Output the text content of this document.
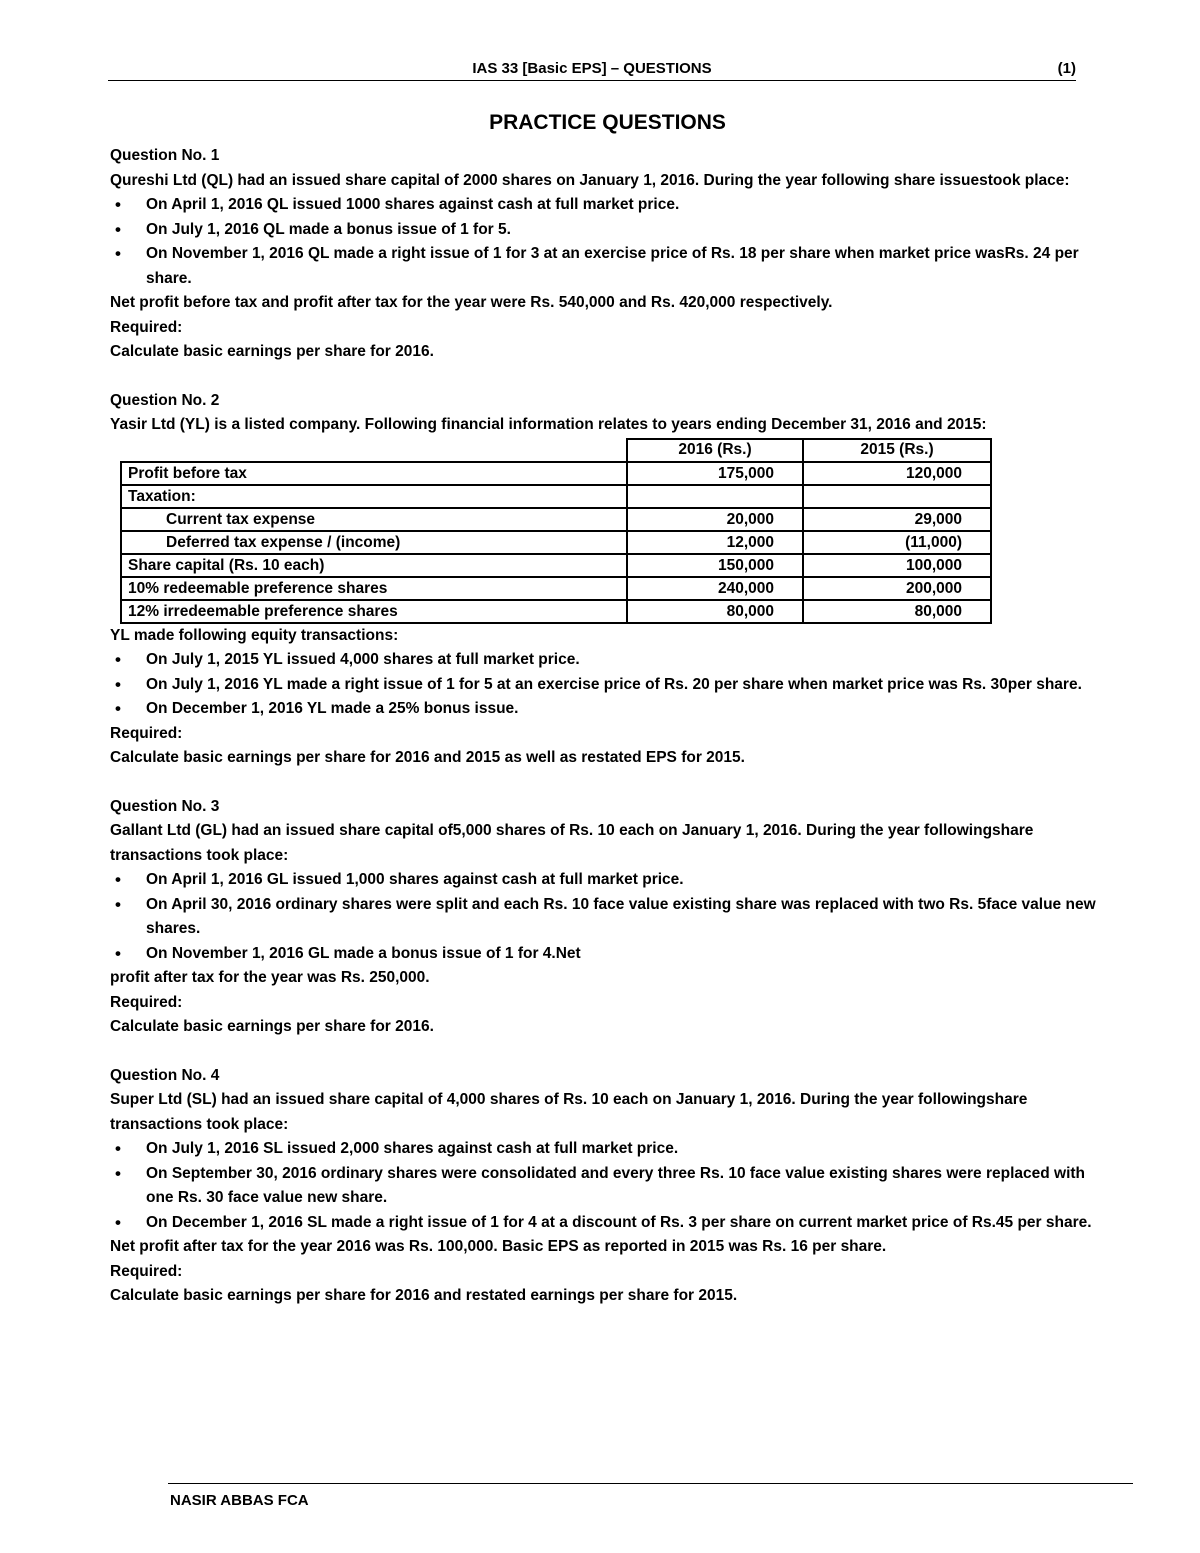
IAS 33 [Basic EPS] – QUESTIONS	(1)
PRACTICE QUESTIONS
Question No. 1

Qureshi Ltd (QL) had an issued share capital of 2000 shares on January 1, 2016. During the year following share issuestook place:

• On April 1, 2016 QL issued 1000 shares against cash at full market price.
• On July 1, 2016 QL made a bonus issue of 1 for 5.
• On November 1, 2016 QL made a right issue of 1 for 3 at an exercise price of Rs. 18 per share when market price wasRs. 24 per share.

Net profit before tax and profit after tax for the year were Rs. 540,000 and Rs. 420,000 respectively.

Required:

Calculate basic earnings per share for 2016.

Question No. 2

Yasir Ltd (YL) is a listed company. Following financial information relates to years ending December 31, 2016 and 2015:

	2016 (Rs.)	2015 (Rs.)
Profit before tax	175,000	120,000
Taxation:		
Current tax expense	20,000	29,000
Deferred tax expense / (income)	12,000	(11,000)
Share capital (Rs. 10 each)	150,000	100,000
10% redeemable preference shares	240,000	200,000
12% irredeemable preference shares	80,000	80,000

YL made following equity transactions:

• On July 1, 2015 YL issued 4,000 shares at full market price.
• On July 1, 2016 YL made a right issue of 1 for 5 at an exercise price of Rs. 20 per share when market price was Rs. 30per share.
• On December 1, 2016 YL made a 25% bonus issue.

Required:

Calculate basic earnings per share for 2016 and 2015 as well as restated EPS for 2015.

Question No. 3

Gallant Ltd (GL) had an issued share capital of5,000 shares of Rs. 10 each on January 1, 2016. During the year followingshare transactions took place:

• On April 1, 2016 GL issued 1,000 shares against cash at full market price.
• On April 30, 2016 ordinary shares were split and each Rs. 10 face value existing share was replaced with two Rs. 5face value new shares.
• On November 1, 2016 GL made a bonus issue of 1 for 4.Net

profit after tax for the year was Rs. 250,000.

Required:

Calculate basic earnings per share for 2016.

Question No. 4

Super Ltd (SL) had an issued share capital of 4,000 shares of Rs. 10 each on January 1, 2016. During the year followingshare transactions took place:

• On July 1, 2016 SL issued 2,000 shares against cash at full market price.
• On September 30, 2016 ordinary shares were consolidated and every three Rs. 10 face value existing shares were replaced with one Rs. 30 face value new share.
• On December 1, 2016 SL made a right issue of 1 for 4 at a discount of Rs. 3 per share on current market price of Rs.45 per share.

Net profit after tax for the year 2016 was Rs. 100,000. Basic EPS as reported in 2015 was Rs. 16 per share.

Required:

Calculate basic earnings per share for 2016 and restated earnings per share for 2015.

NASIR ABBAS FCA
